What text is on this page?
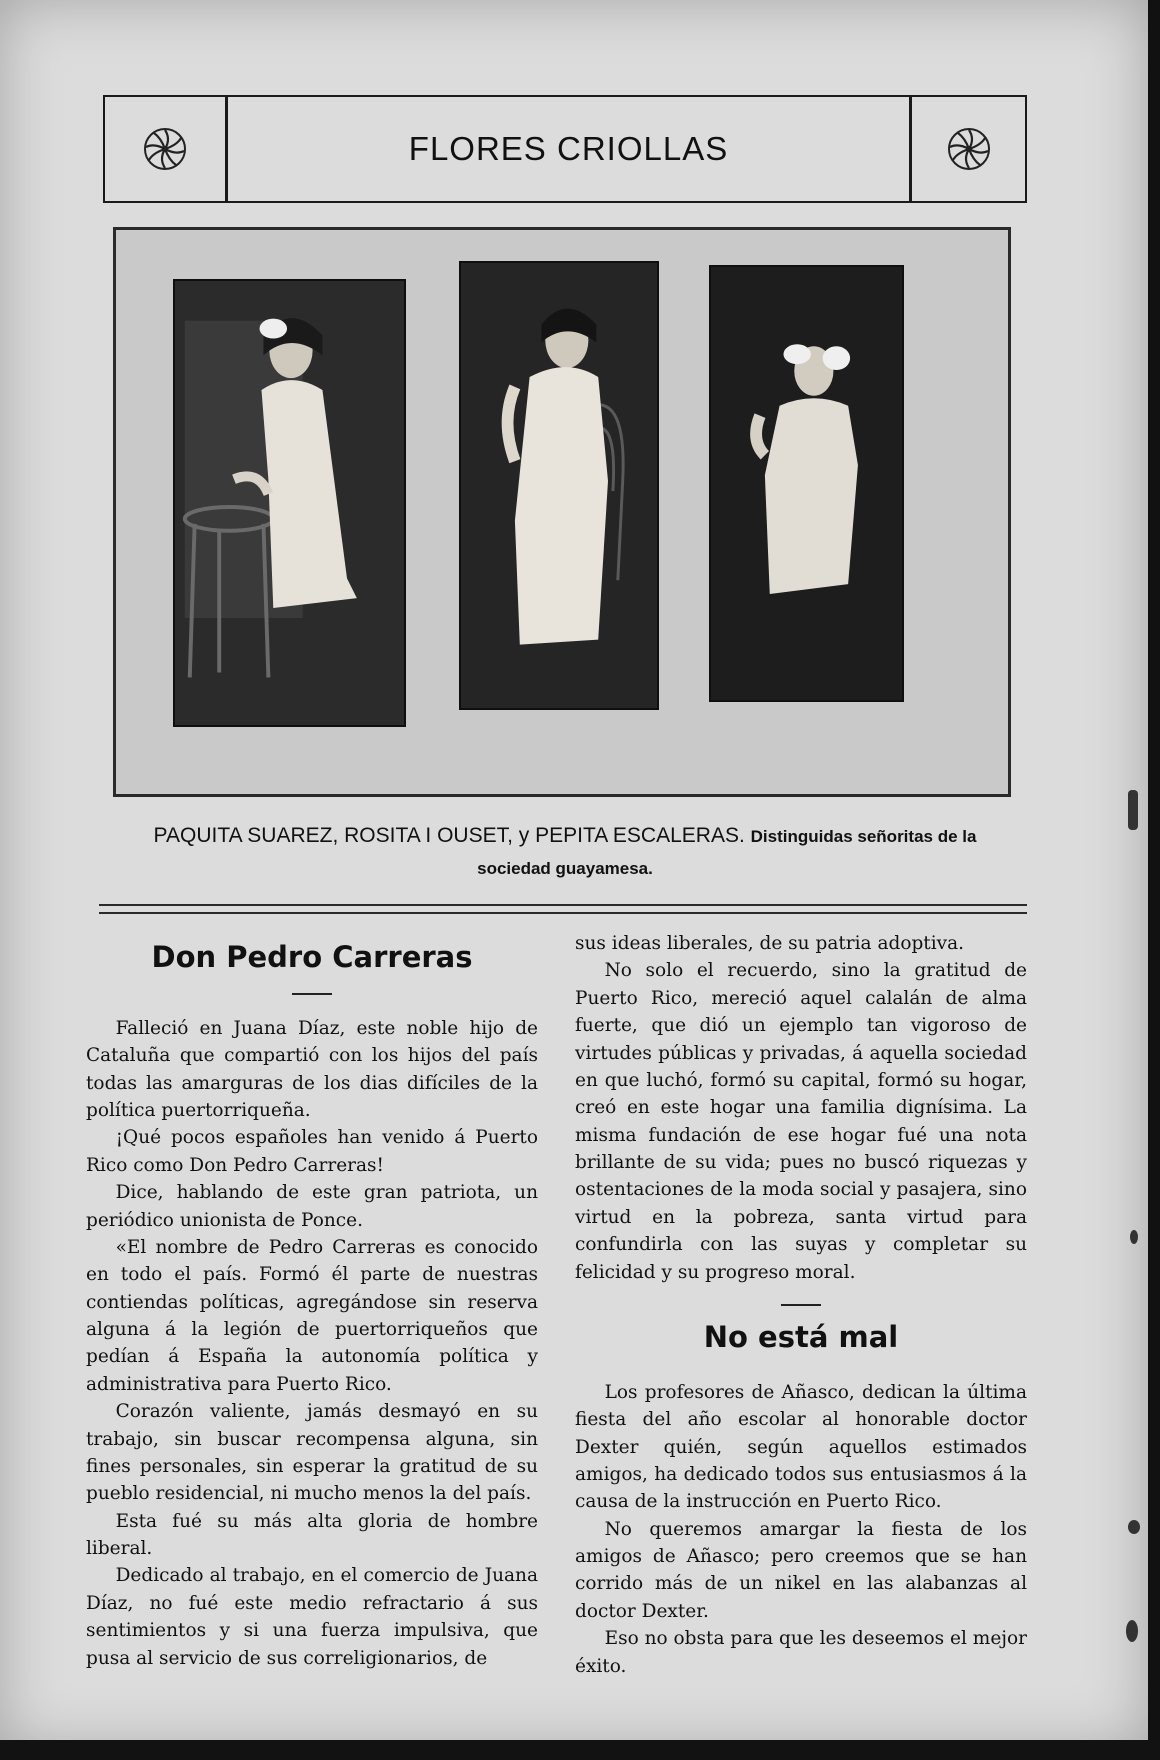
FLORES CRIOLLAS
PAQUITA SUAREZ, ROSITA I OUSET, y PEPITA ESCALERAS. Distinguidas señoritas de la sociedad guayamesa.
Don Pedro Carreras

Falleció en Juana Díaz, este noble hijo de Cataluña que compartió con los hijos del país todas las amarguras de los dias difíciles de la política puertorriqueña.

¡Qué pocos españoles han venido á Puerto Rico como Don Pedro Carreras!

Dice, hablando de este gran patriota, un periódico unionista de Ponce.

«El nombre de Pedro Carreras es conocido en todo el país. Formó él parte de nuestras contiendas políticas, agregándose sin reserva alguna á la legión de puertorriqueños que pedían á España la autonomía política y administrativa para Puerto Rico.

Corazón valiente, jamás desmayó en su trabajo, sin buscar recompensa alguna, sin fines personales, sin esperar la gratitud de su pueblo residencial, ni mucho menos la del país.

Esta fué su más alta gloria de hombre liberal.

Dedicado al trabajo, en el comercio de Juana Díaz, no fué este medio refractario á sus sentimientos y si una fuerza impulsiva, que pusa al servicio de sus correligionarios, de

sus ideas liberales, de su patria adoptiva.

No solo el recuerdo, sino la gratitud de Puerto Rico, mereció aquel calalán de alma fuerte, que dió un ejemplo tan vigoroso de virtudes públicas y privadas, á aquella sociedad en que luchó, formó su capital, formó su hogar, creó en este hogar una familia dignísima. La misma fundación de ese hogar fué una nota brillante de su vida; pues no buscó riquezas y ostentaciones de la moda social y pasajera, sino virtud en la pobreza, santa virtud para confundirla con las suyas y completar su felicidad y su progreso moral.

No está mal

Los profesores de Añasco, dedican la última fiesta del año escolar al honorable doctor Dexter quién, según aquellos estimados amigos, ha dedicado todos sus entusiasmos á la causa de la instrucción en Puerto Rico.

No queremos amargar la fiesta de los amigos de Añasco; pero creemos que se han corrido más de un nikel en las alabanzas al doctor Dexter.

Eso no obsta para que les deseemos el mejor éxito.
